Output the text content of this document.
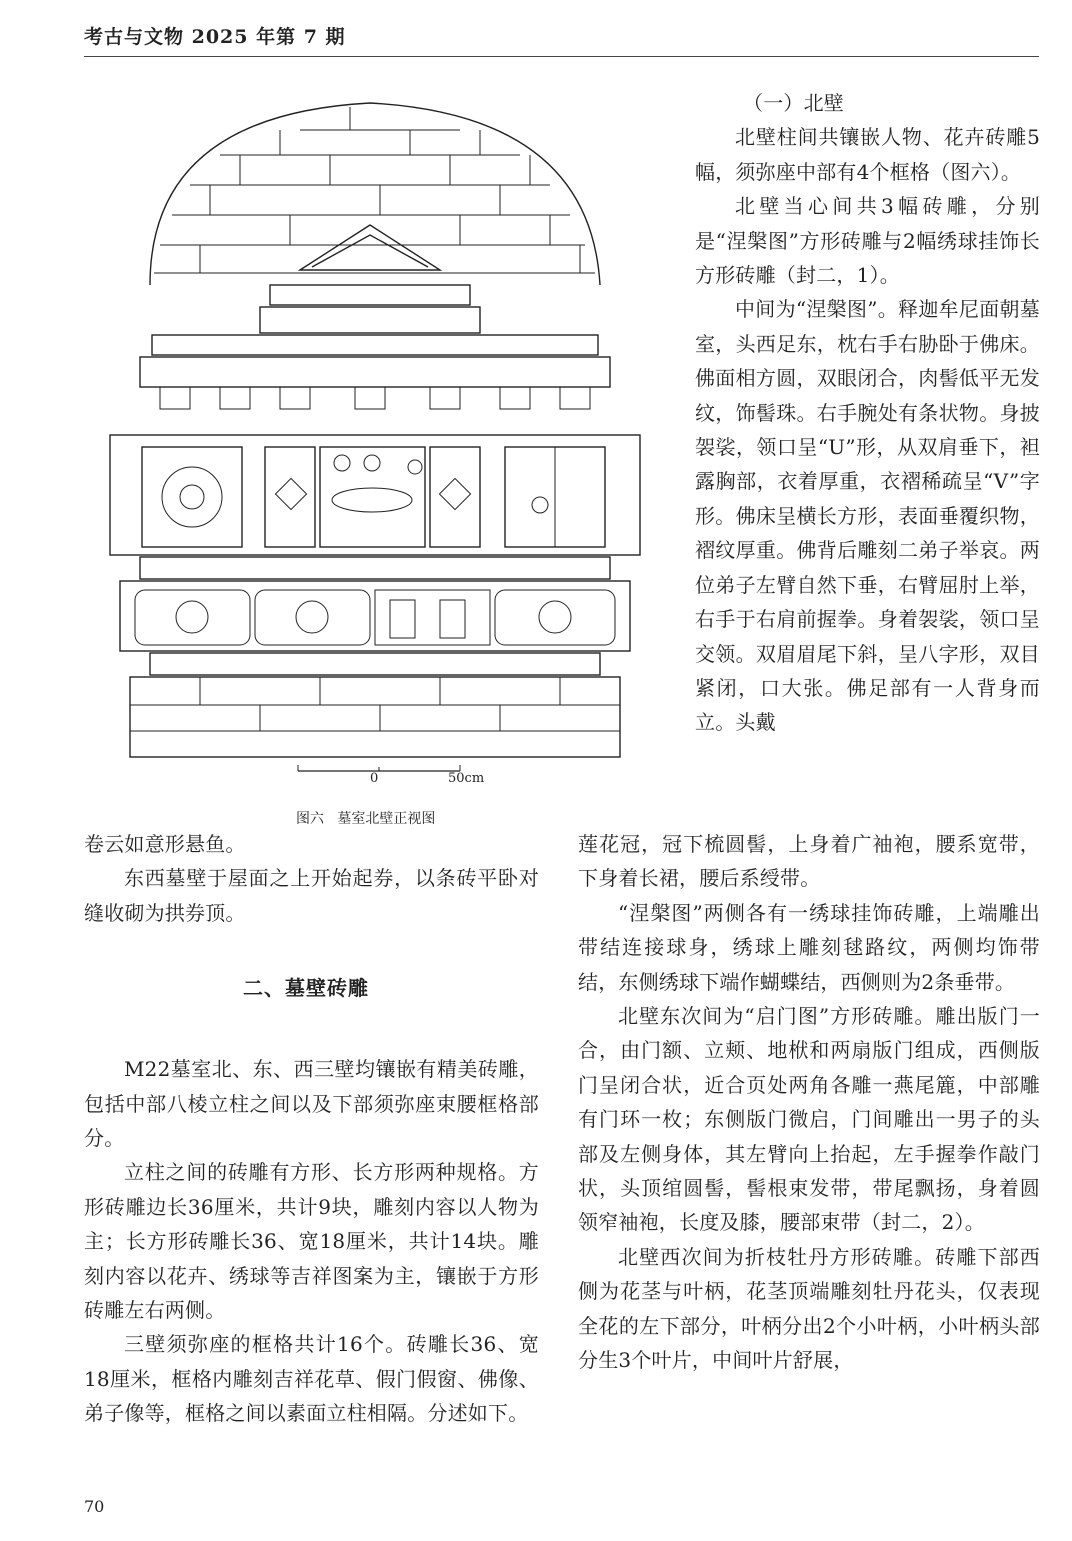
考古与文物 2025 年第 7 期
0	50cm
图六   墓室北壁正视图

（一）北壁

北壁柱间共镶嵌人物、花卉砖雕5幅，须弥座中部有4个框格（图六）。

北壁当心间共3幅砖雕，分别是“涅槃图”方形砖雕与2幅绣球挂饰长方形砖雕（封二，1）。

中间为“涅槃图”。释迦牟尼面朝墓室，头西足东，枕右手右胁卧于佛床。佛面相方圆，双眼闭合，肉髻低平无发纹，饰髻珠。右手腕处有条状物。身披袈裟，领口呈“U”形，从双肩垂下，袒露胸部，衣着厚重，衣褶稀疏呈“V”字形。佛床呈横长方形，表面垂覆织物，褶纹厚重。佛背后雕刻二弟子举哀。两位弟子左臂自然下垂，右臂屈肘上举，右手于右肩前握拳。身着袈裟，领口呈交领。双眉眉尾下斜，呈八字形，双目紧闭，口大张。佛足部有一人背身而立。头戴

莲花冠，冠下梳圆髻，上身着广袖袍，腰系宽带，下身着长裙，腰后系绶带。

“涅槃图”两侧各有一绣球挂饰砖雕，上端雕出带结连接球身，绣球上雕刻毬路纹，两侧均饰带结，东侧绣球下端作蝴蝶结，西侧则为2条垂带。

北壁东次间为“启门图”方形砖雕。雕出版门一合，由门额、立颊、地栿和两扇版门组成，西侧版门呈闭合状，近合页处两角各雕一燕尾簏，中部雕有门环一枚；东侧版门微启，门间雕出一男子的头部及左侧身体，其左臂向上抬起，左手握拳作敲门状，头顶绾圆髻，髻根束发带，带尾飘扬，身着圆领窄袖袍，长度及膝，腰部束带（封二，2）。

北壁西次间为折枝牡丹方形砖雕。砖雕下部西侧为花茎与叶柄，花茎顶端雕刻牡丹花头，仅表现全花的左下部分，叶柄分出2个小叶柄，小叶柄头部分生3个叶片，中间叶片舒展，

卷云如意形悬鱼。

东西墓壁于屋面之上开始起券，以条砖平卧对缝收砌为拱券顶。

M22墓室北、东、西三壁均镶嵌有精美砖雕，包括中部八棱立柱之间以及下部须弥座束腰框格部分。

立柱之间的砖雕有方形、长方形两种规格。方形砖雕边长36厘米，共计9块，雕刻内容以人物为主；长方形砖雕长36、宽18厘米，共计14块。雕刻内容以花卉、绣球等吉祥图案为主，镶嵌于方形砖雕左右两侧。

三壁须弥座的框格共计16个。砖雕长36、宽18厘米，框格内雕刻吉祥花草、假门假窗、佛像、弟子像等，框格之间以素面立柱相隔。分述如下。

二、墓壁砖雕
70
